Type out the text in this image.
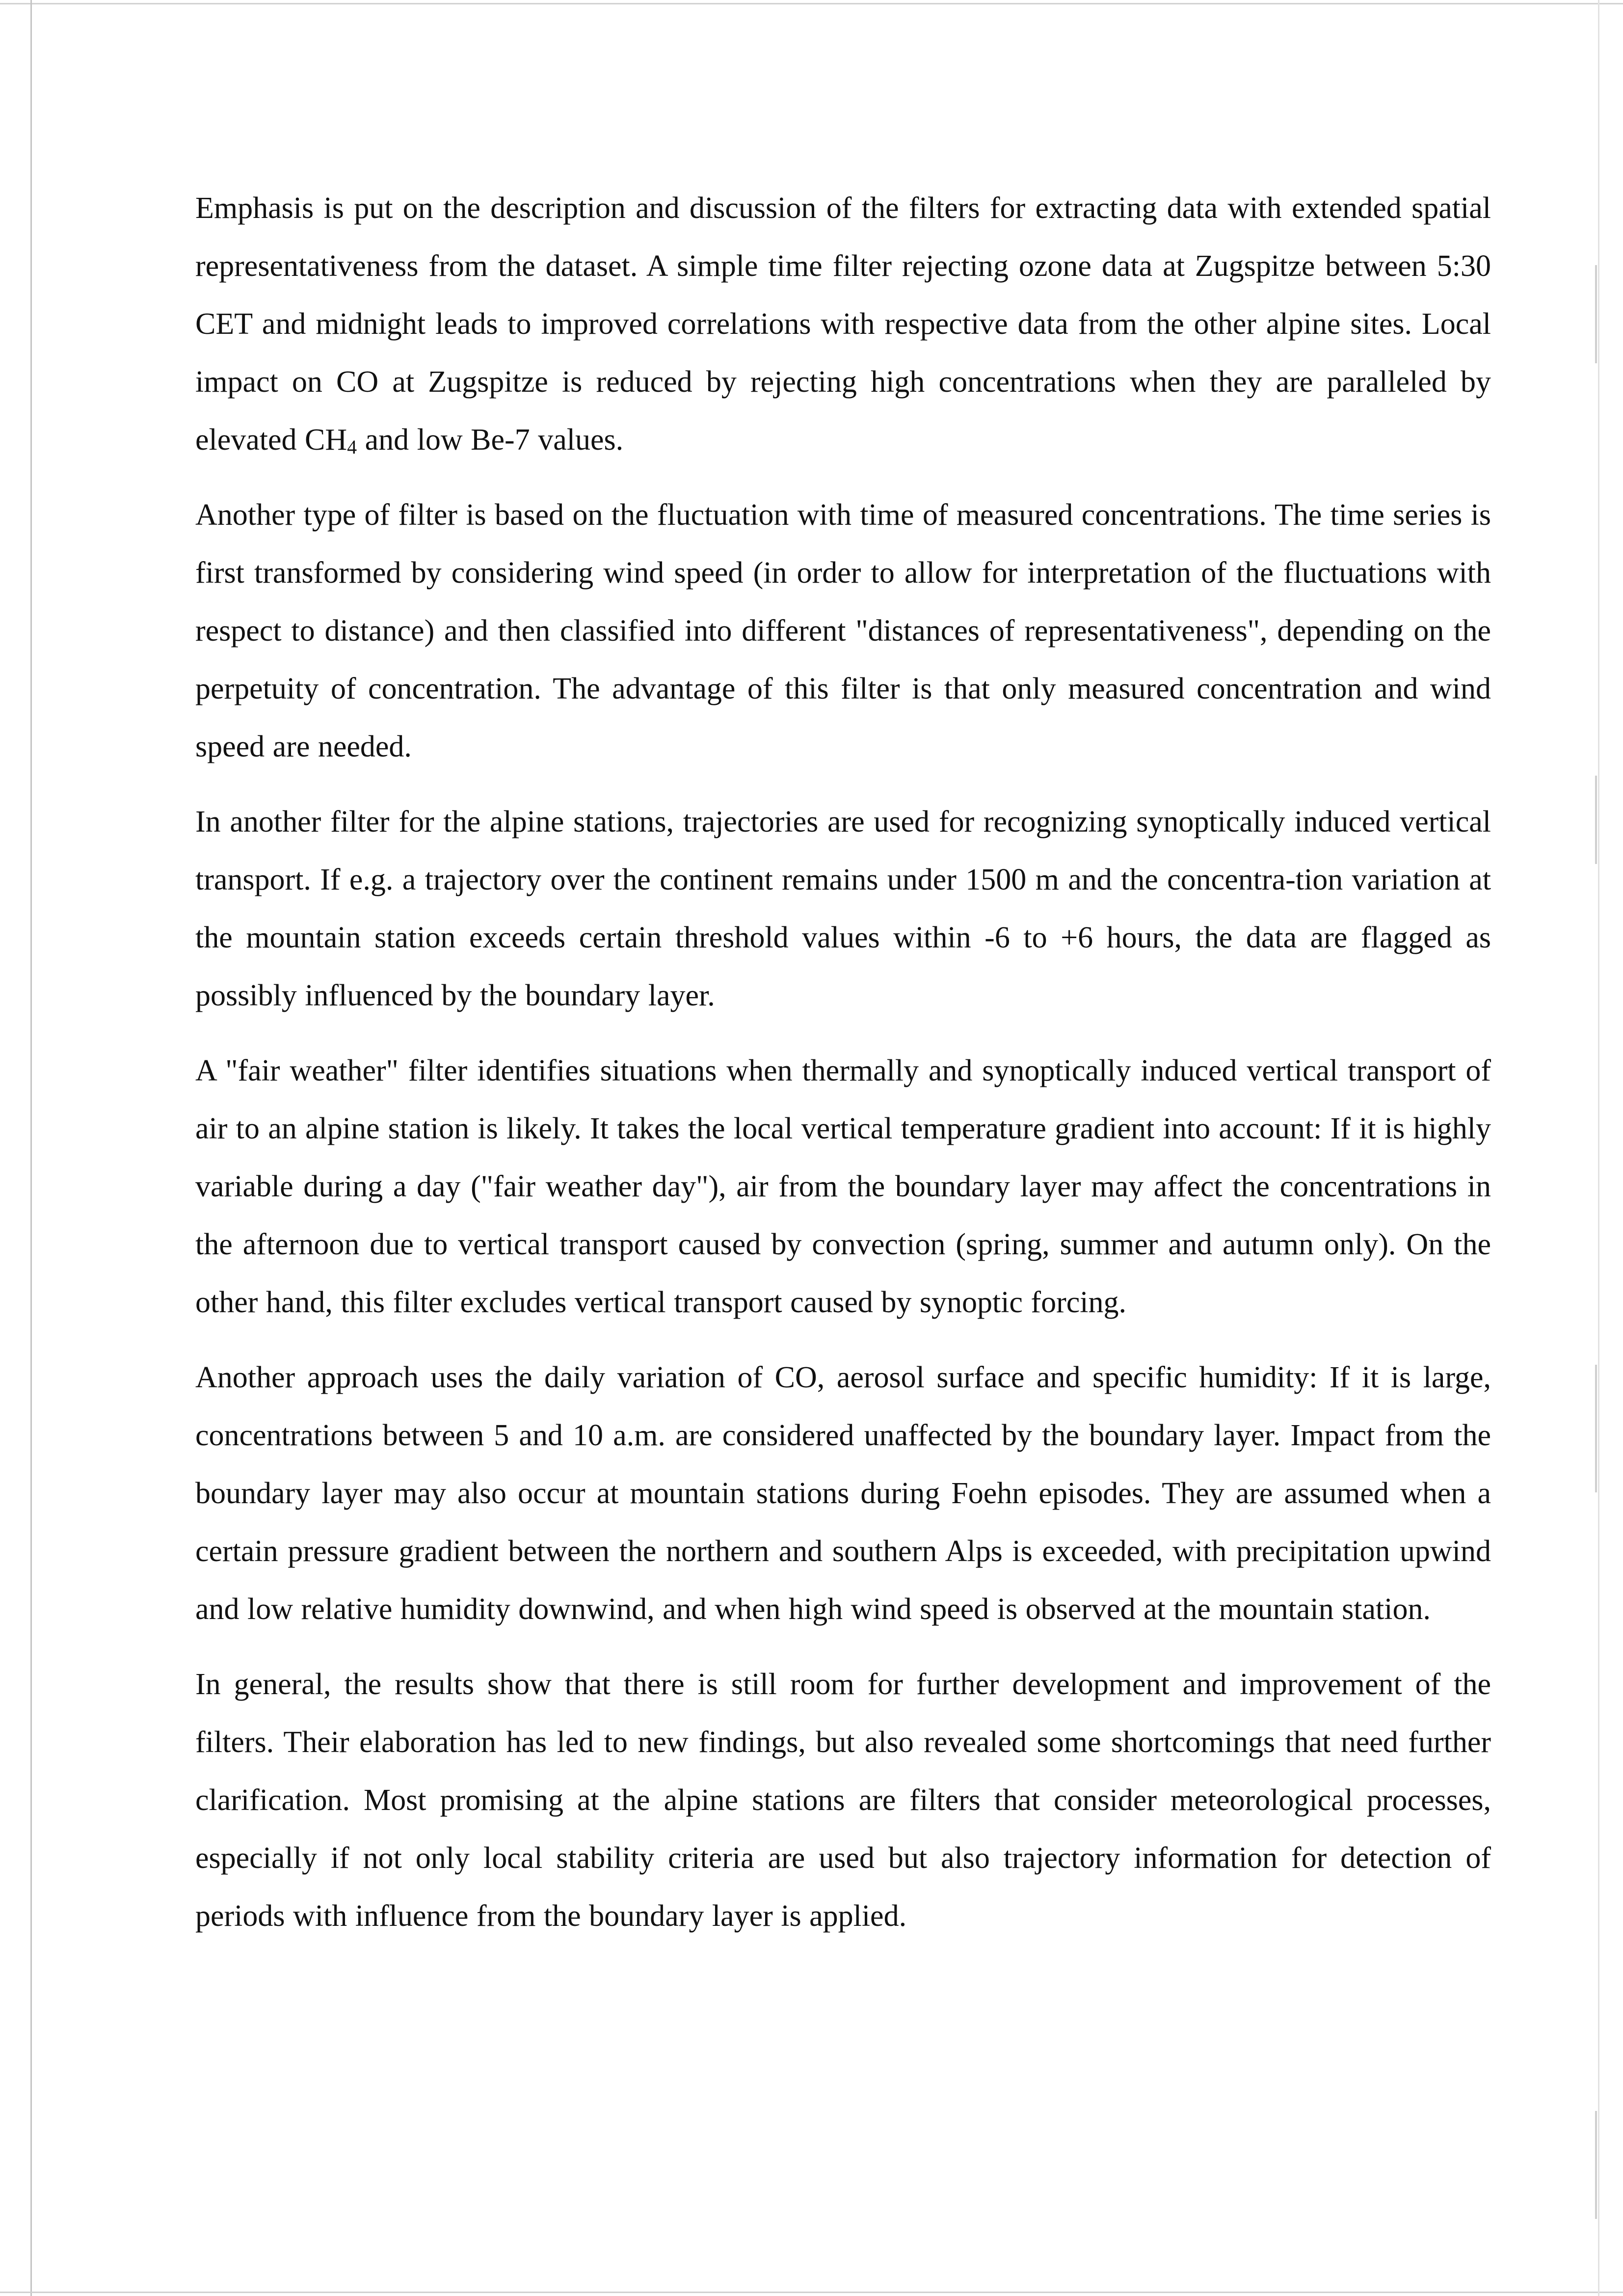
Emphasis is put on the description and discussion of the filters for extracting data with extended spatial representativeness from the dataset. A simple time filter rejecting ozone data at Zugspitze between 5:30 CET and midnight leads to improved correlations with respective data from the other alpine sites. Local impact on CO at Zugspitze is reduced by rejecting high concentrations when they are paralleled by elevated $CH_4$ and low Be-7 values.

Another type of filter is based on the fluctuation with time of measured concentrations. The time series is first transformed by considering wind speed (in order to allow for interpretation of the fluctuations with respect to distance) and then classified into different "distances of representativeness", depending on the perpetuity of concentration. The advantage of this filter is that only measured concentration and wind speed are needed.

In another filter for the alpine stations, trajectories are used for recognizing synoptically induced vertical transport. If e.g. a trajectory over the continent remains under 1500 m and the concentra-tion variation at the mountain station exceeds certain threshold values within -6 to +6 hours, the data are flagged as possibly influenced by the boundary layer.

A "fair weather" filter identifies situations when thermally and synoptically induced vertical transport of air to an alpine station is likely. It takes the local vertical temperature gradient into account: If it is highly variable during a day ("fair weather day"), air from the boundary layer may affect the concentrations in the afternoon due to vertical transport caused by convection (spring, summer and autumn only). On the other hand, this filter excludes vertical transport caused by synoptic forcing.

Another approach uses the daily variation of CO, aerosol surface and specific humidity: If it is large, concentrations between 5 and 10 a.m. are considered unaffected by the boundary layer. Impact from the boundary layer may also occur at mountain stations during Foehn episodes. They are assumed when a certain pressure gradient between the northern and southern Alps is exceeded, with precipitation upwind and low relative humidity downwind, and when high wind speed is observed at the mountain station.

In general, the results show that there is still room for further development and improvement of the filters. Their elaboration has led to new findings, but also revealed some shortcomings that need further clarification. Most promising at the alpine stations are filters that consider meteorological processes, especially if not only local stability criteria are used but also trajectory information for detection of periods with influence from the boundary layer is applied.
